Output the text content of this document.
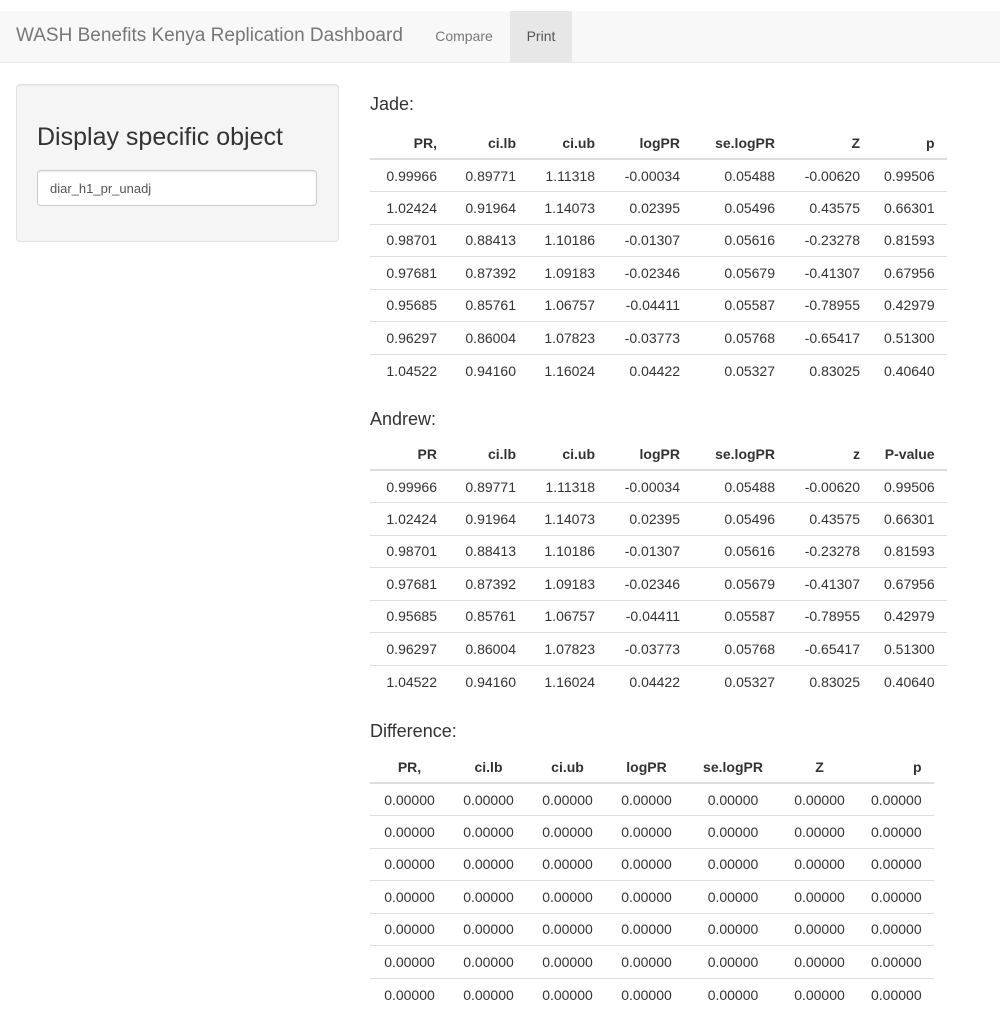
WASH Benefits Kenya Replication Dashboard	Compare	Print
Display specific object
diar_h1_pr_unadj
Jade:
PR,	ci.lb	ci.ub	logPR	se.logPR	Z	p
0.99966	0.89771	1.11318	-0.00034	0.05488	-0.00620	0.99506
1.02424	0.91964	1.14073	0.02395	0.05496	0.43575	0.66301
0.98701	0.88413	1.10186	-0.01307	0.05616	-0.23278	0.81593
0.97681	0.87392	1.09183	-0.02346	0.05679	-0.41307	0.67956
0.95685	0.85761	1.06757	-0.04411	0.05587	-0.78955	0.42979
0.96297	0.86004	1.07823	-0.03773	0.05768	-0.65417	0.51300
1.04522	0.94160	1.16024	0.04422	0.05327	0.83025	0.40640
Andrew:
PR	ci.lb	ci.ub	logPR	se.logPR	z	P-value
0.99966	0.89771	1.11318	-0.00034	0.05488	-0.00620	0.99506
1.02424	0.91964	1.14073	0.02395	0.05496	0.43575	0.66301
0.98701	0.88413	1.10186	-0.01307	0.05616	-0.23278	0.81593
0.97681	0.87392	1.09183	-0.02346	0.05679	-0.41307	0.67956
0.95685	0.85761	1.06757	-0.04411	0.05587	-0.78955	0.42979
0.96297	0.86004	1.07823	-0.03773	0.05768	-0.65417	0.51300
1.04522	0.94160	1.16024	0.04422	0.05327	0.83025	0.40640
Difference:
PR,	ci.lb	ci.ub	logPR	se.logPR	Z	p
0.00000	0.00000	0.00000	0.00000	0.00000	0.00000	0.00000
0.00000	0.00000	0.00000	0.00000	0.00000	0.00000	0.00000
0.00000	0.00000	0.00000	0.00000	0.00000	0.00000	0.00000
0.00000	0.00000	0.00000	0.00000	0.00000	0.00000	0.00000
0.00000	0.00000	0.00000	0.00000	0.00000	0.00000	0.00000
0.00000	0.00000	0.00000	0.00000	0.00000	0.00000	0.00000
0.00000	0.00000	0.00000	0.00000	0.00000	0.00000	0.00000
